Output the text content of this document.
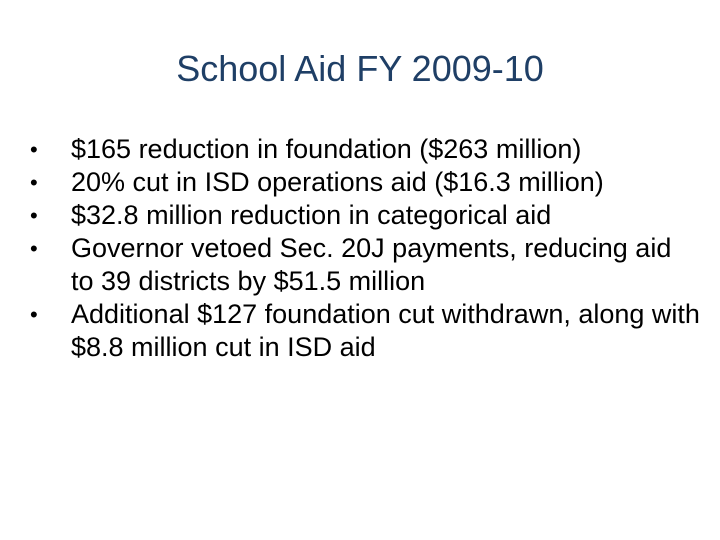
School Aid FY 2009-10
•	$165 reduction in foundation ($263 million)
•	20% cut in ISD operations aid ($16.3 million)
•	$32.8 million reduction in categorical aid
•	Governor vetoed Sec. 20J payments, reducing aid to 39 districts by $51.5 million
•	Additional $127 foundation cut withdrawn, along with $8.8 million cut in ISD aid
